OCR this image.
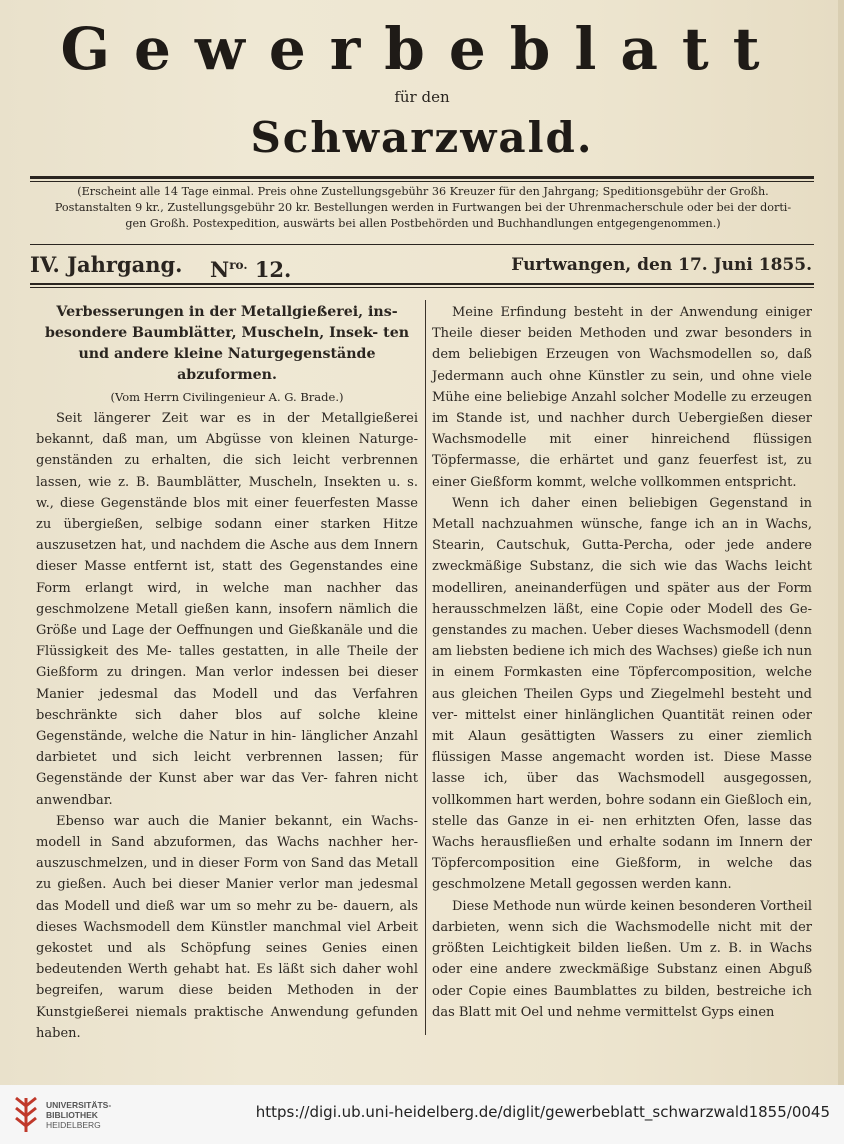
Gewerbeblatt
für den
Schwarzwald.
(Erscheint alle 14 Tage einmal. Preis ohne Zustellungsgebühr 36 Kreuzer für den Jahrgang; Speditionsgebühr der Großh.
Postanstalten 9 kr., Zustellungsgebühr 20 kr. Bestellungen werden in Furtwangen bei der Uhrenmacherschule oder bei der dorti-
gen Großh. Postexpedition, auswärts bei allen Postbehörden und Buchhandlungen entgegengenommen.)
IV. Jahrgang. $N^{ro.}$ 12.	Furtwangen, den 17. Juni 1855.

Verbesserungen in der Metallgießerei, ins- besondere Baumblätter, Muscheln, Insek- ten und andere kleine Naturgegenstände abzuformen.

(Vom Herrn Civilingenieur A. G. Brade.)

Seit längerer Zeit war es in der Metallgießerei bekannt, daß man, um Abgüsse von kleinen Naturge- genständen zu erhalten, die sich leicht verbrennen lassen, wie z. B. Baumblätter, Muscheln, Insekten u. s. w., diese Gegenstände blos mit einer feuerfesten Masse zu übergießen, selbige sodann einer starken Hitze auszusetzen hat, und nachdem die Asche aus dem Innern dieser Masse entfernt ist, statt des Gegenstandes eine Form erlangt wird, in welche man nachher das geschmolzene Metall gießen kann, insofern nämlich die Größe und Lage der Oeffnungen und Gießkanäle und die Flüssigkeit des Me- talles gestatten, in alle Theile der Gießform zu dringen. Man verlor indessen bei dieser Manier jedesmal das Modell und das Verfahren beschränkte sich daher blos auf solche kleine Gegenstände, welche die Natur in hin- länglicher Anzahl darbietet und sich leicht verbrennen lassen; für Gegenstände der Kunst aber war das Ver- fahren nicht anwendbar.

Ebenso war auch die Manier bekannt, ein Wachs- modell in Sand abzuformen, das Wachs nachher her- auszuschmelzen, und in dieser Form von Sand das Metall zu gießen. Auch bei dieser Manier verlor man jedesmal das Modell und dieß war um so mehr zu be- dauern, als dieses Wachsmodell dem Künstler manchmal viel Arbeit gekostet und als Schöpfung seines Genies einen bedeutenden Werth gehabt hat. Es läßt sich daher wohl begreifen, warum diese beiden Methoden in der Kunstgießerei niemals praktische Anwendung gefunden haben.

Meine Erfindung besteht in der Anwendung einiger Theile dieser beiden Methoden und zwar besonders in dem beliebigen Erzeugen von Wachsmodellen so, daß Jedermann auch ohne Künstler zu sein, und ohne viele Mühe eine beliebige Anzahl solcher Modelle zu erzeugen im Stande ist, und nachher durch Uebergießen dieser Wachsmodelle mit einer hinreichend flüssigen Töpfermasse, die erhärtet und ganz feuerfest ist, zu einer Gießform kommt, welche vollkommen entspricht.

Wenn ich daher einen beliebigen Gegenstand in Metall nachzuahmen wünsche, fange ich an in Wachs, Stearin, Cautschuk, Gutta-Percha, oder jede andere zweckmäßige Substanz, die sich wie das Wachs leicht modelliren, aneinanderfügen und später aus der Form herausschmelzen läßt, eine Copie oder Modell des Ge- genstandes zu machen. Ueber dieses Wachsmodell (denn am liebsten bediene ich mich des Wachses) gieße ich nun in einem Formkasten eine Töpfercomposition, welche aus gleichen Theilen Gyps und Ziegelmehl besteht und ver- mittelst einer hinlänglichen Quantität reinen oder mit Alaun gesättigten Wassers zu einer ziemlich flüssigen Masse angemacht worden ist. Diese Masse lasse ich, über das Wachsmodell ausgegossen, vollkommen hart werden, bohre sodann ein Gießloch ein, stelle das Ganze in ei- nen erhitzten Ofen, lasse das Wachs herausfließen und erhalte sodann im Innern der Töpfercomposition eine Gießform, in welche das geschmolzene Metall gegossen werden kann.

Diese Methode nun würde keinen besonderen Vortheil darbieten, wenn sich die Wachsmodelle nicht mit der größten Leichtigkeit bilden ließen. Um z. B. in Wachs oder eine andere zweckmäßige Substanz einen Abguß oder Copie eines Baumblattes zu bilden, bestreiche ich das Blatt mit Oel und nehme vermittelst Gyps einen

UNIVERSITÄTS-
BIBLIOTHEK
HEIDELBERG
https://digi.ub.uni-heidelberg.de/diglit/gewerbeblatt_schwarzwald1855/0045
